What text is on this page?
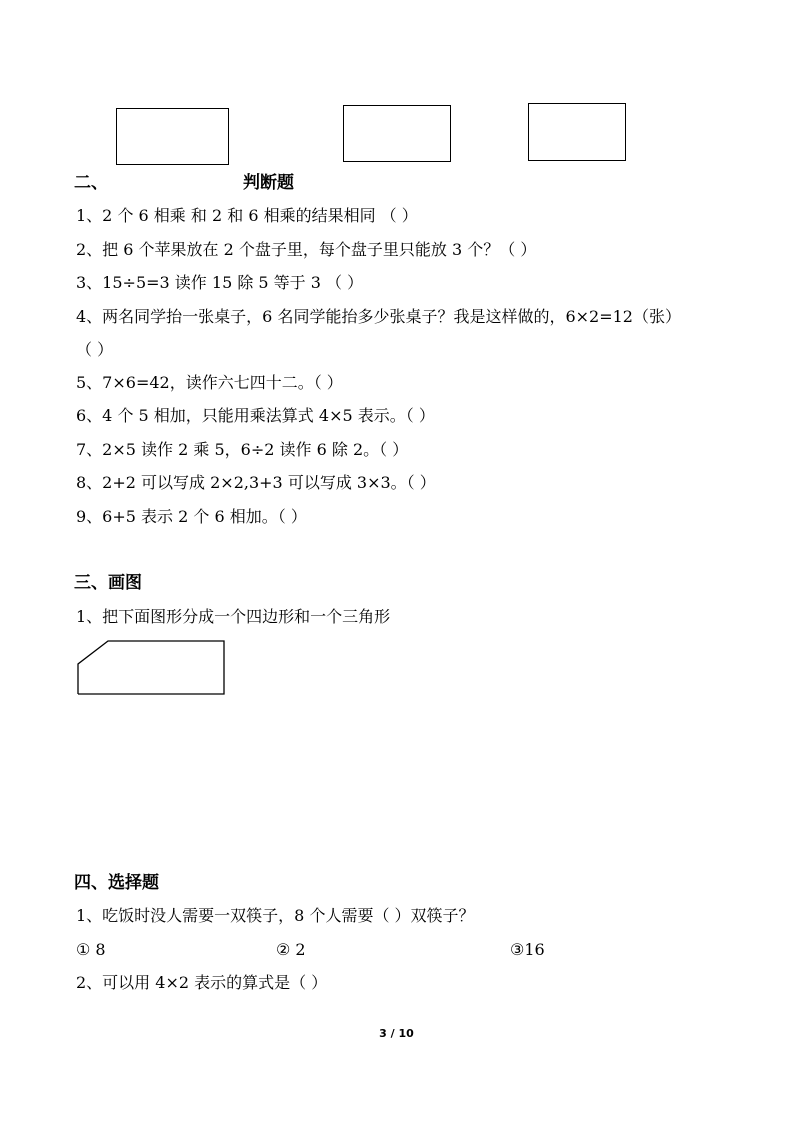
二、	判断题
1、2 个 6 相乘 和 2 和 6 相乘的结果相同 （ ）
2、把 6 个苹果放在 2 个盘子里，每个盘子里只能放 3 个？（ ）
3、15÷5=3 读作 15 除 5 等于 3 （ ）
4、两名同学抬一张桌子，6 名同学能抬多少张桌子？我是这样做的，6×2=12（张）
（ ）
5、7×6=42，读作六七四十二。（ ）
6、4 个 5 相加，只能用乘法算式 4×5 表示。（ ）
7、2×5 读作 2 乘 5，6÷2 读作 6 除 2。（ ）
8、2+2 可以写成 2×2,3+3 可以写成 3×3。（ ）
9、6+5 表示 2 个 6 相加。（ ）
三、画图
1、把下面图形分成一个四边形和一个三角形
四、选择题
1、吃饭时没人需要一双筷子，8 个人需要（ ）双筷子？
① 8	② 2	③16
2、可以用 4×2 表示的算式是（ ）
3 / 10
